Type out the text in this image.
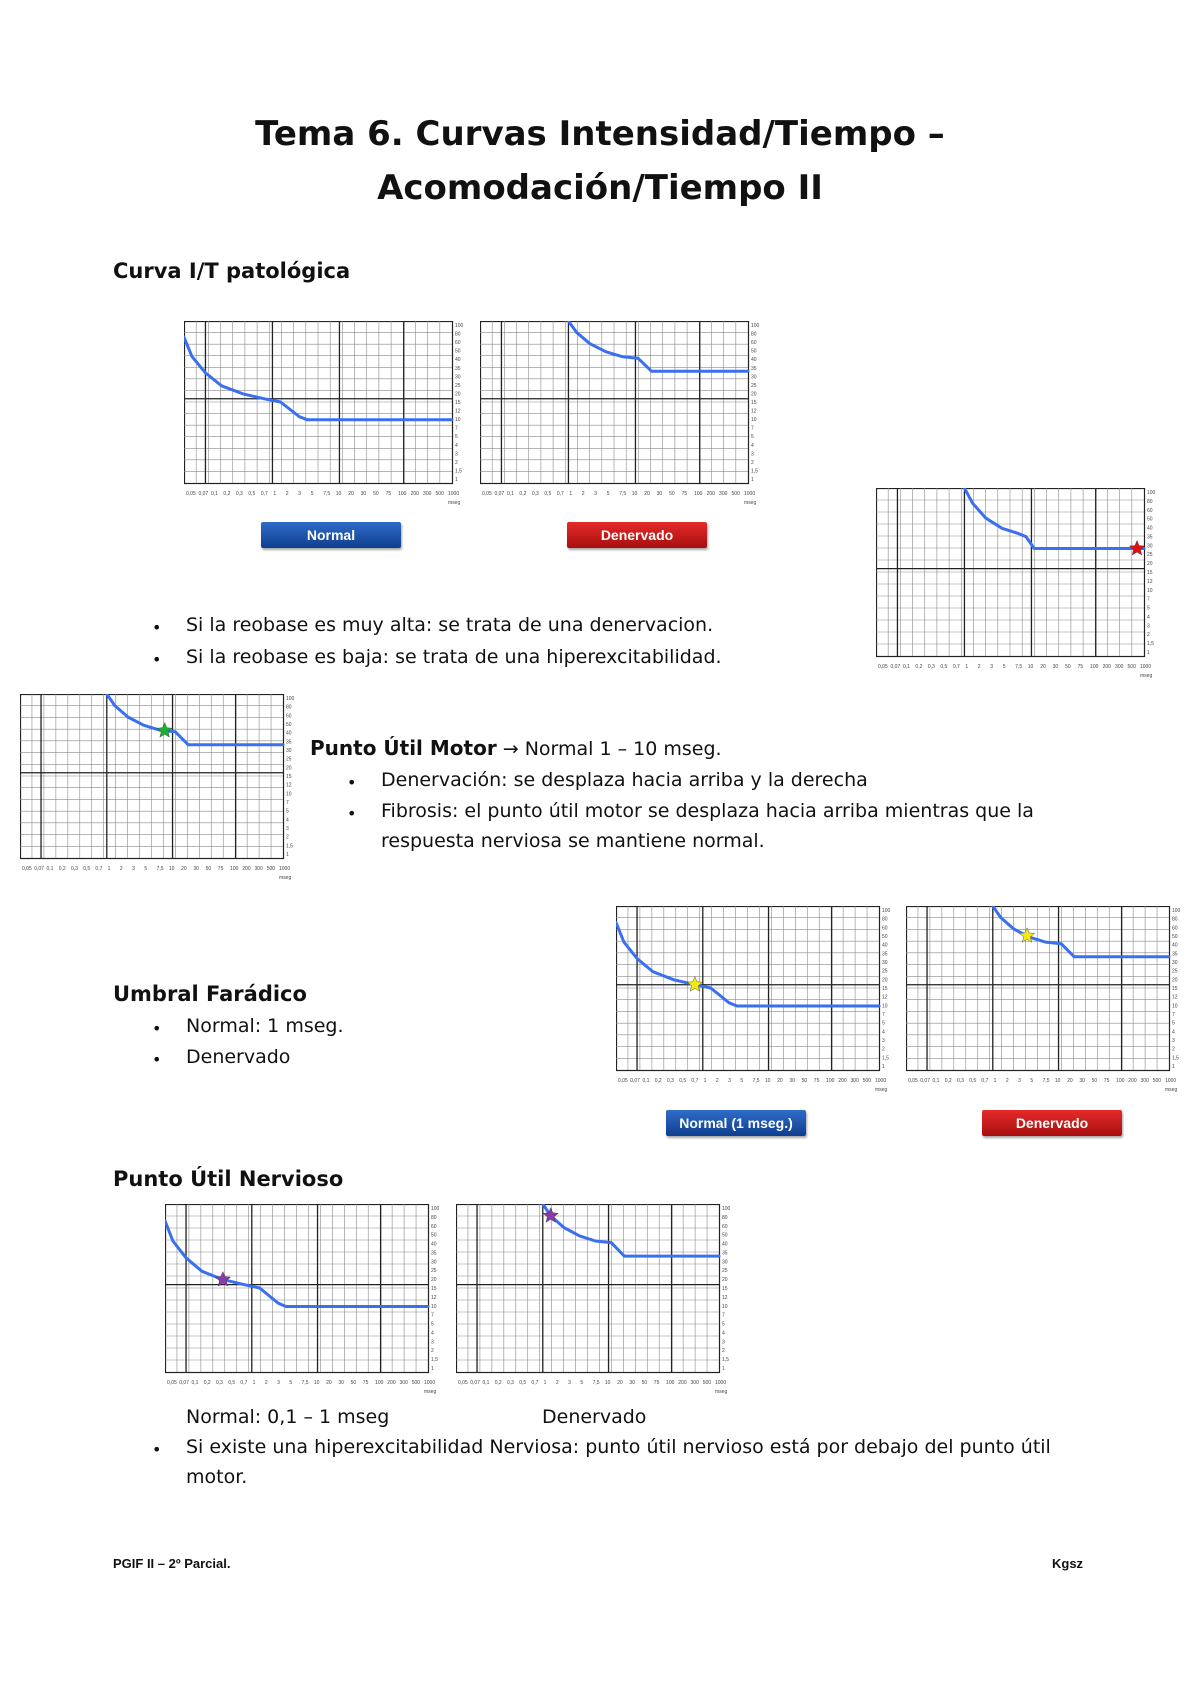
Tema 6. Curvas Intensidad/Tiempo –
Acomodación/Tiempo II
Curva I/T patológica
0,05 0,07 0,1 0,2 0,3 0,5 0,7 1 2 3 5 7,5 10 20 30 50 75 100 200 300 500 1000
mseg
100
80
60
50
40
35
30
25
20
15
12
10
7
5
4
3
2
1,5
1
0,05 0,07 0,1 0,2 0,3 0,5 0,7 1 2 3 5 7,5 10 20 30 50 75 100 200 300 500 1000
mseg
100
80
60
50
40
35
30
25
20
15
12
10
7
5
4
3
2
1,5
1
Normal	Denervado
0,05 0,07 0,1 0,2 0,3 0,5 0,7 1 2 3 5 7,5 10 20 30 50 75 100 200 300 500 1000
mseg
100
80
60
50
40
35
30
25
20
15
12
10
7
5
4
3
2
1,5
1
• Si la reobase es muy alta: se trata de una denervacion.
• Si la reobase es baja: se trata de una hiperexcitabilidad.
0,05 0,07 0,1 0,2 0,3 0,5 0,7 1 2 3 5 7,5 10 20 30 50 75 100 200 300 500 1000
mseg
100
80
60
50
40
35
30
25
20
15
12
10
7
5
4
3
2
1,5
1
Punto Útil Motor → Normal 1 – 10 mseg.
• Denervación: se desplaza hacia arriba y la derecha
• Fibrosis: el punto útil motor se desplaza hacia arriba mientras que la
respuesta nerviosa se mantiene normal.
0,05 0,07 0,1 0,2 0,3 0,5 0,7 1 2 3 5 7,5 10 20 30 50 75 100 200 300 500 1000
mseg
100
80
60
50
40
35
30
25
20
15
12
10
7
5
4
3
2
1,5
1
0,05 0,07 0,1 0,2 0,3 0,5 0,7 1 2 3 5 7,5 10 20 30 50 75 100 200 300 500 1000
mseg
100
80
60
50
40
35
30
25
20
15
12
10
7
5
4
3
2
1,5
1
Normal (1 mseg.)	Denervado
Umbral Farádico
• Normal: 1 mseg.
• Denervado
Punto Útil Nervioso
0,05 0,07 0,1 0,2 0,3 0,5 0,7 1 2 3 5 7,5 10 20 30 50 75 100 200 300 500 1000
mseg
100
80
60
50
40
35
30
25
20
15
12
10
7
5
4
3
2
1,5
1
0,05 0,07 0,1 0,2 0,3 0,5 0,7 1 2 3 5 7,5 10 20 30 50 75 100 200 300 500 1000
mseg
100
80
60
50
40
35
30
25
20
15
12
10
7
5
4
3
2
1,5
1
Normal: 0,1 – 1 mseg	Denervado
• Si existe una hiperexcitabilidad Nerviosa: punto útil nervioso está por debajo del punto útil
motor.
PGIF II – 2º Parcial.	Kgsz
